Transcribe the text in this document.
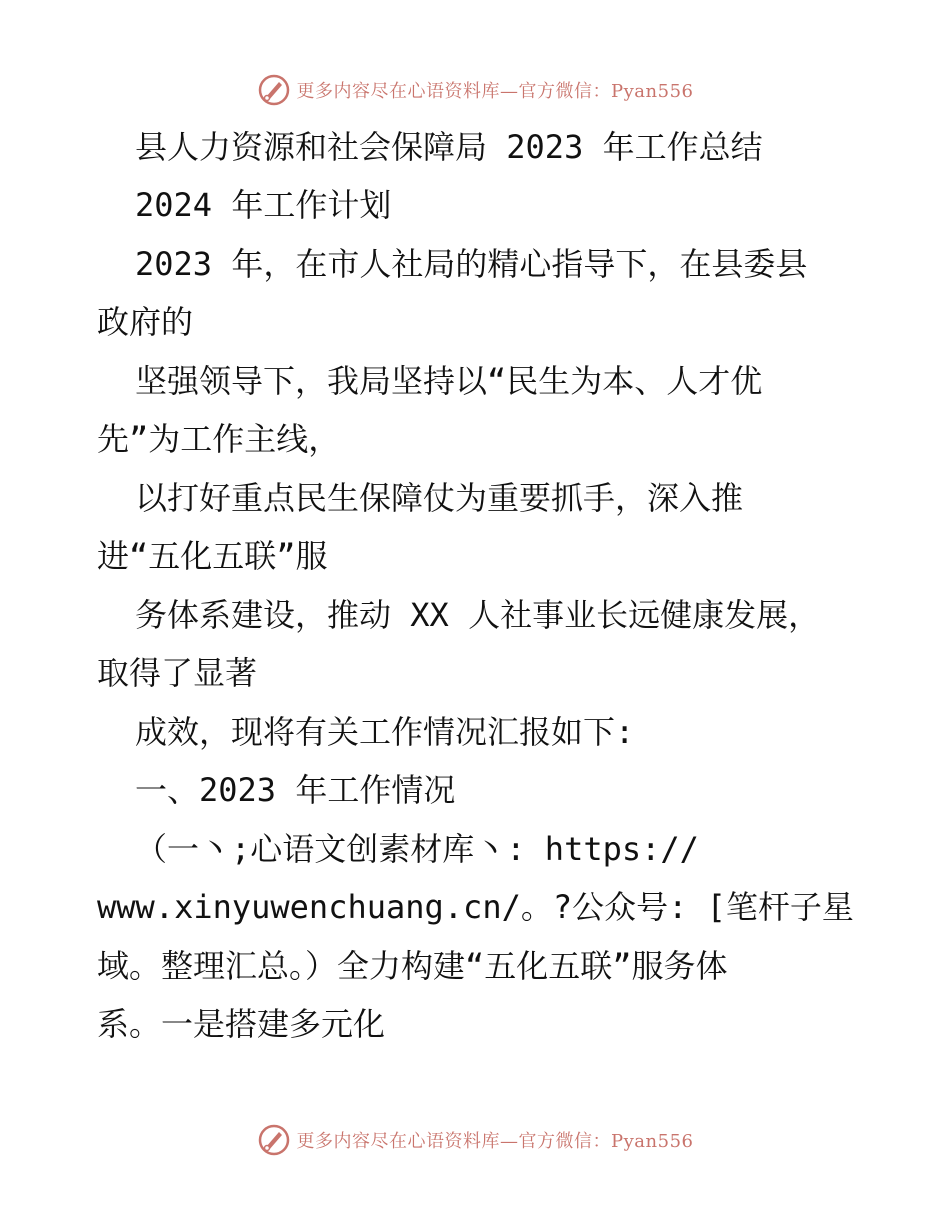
更多内容尽在心语资料库—官方微信：Pyan556
县人力资源和社会保障局 2023 年工作总结
2024 年工作计划
2023 年，在市人社局的精心指导下，在县委县
政府的
坚强领导下，我局坚持以“民生为本、人才优
先”为工作主线，
以打好重点民生保障仗为重要抓手，深入推
进“五化五联”服
务体系建设，推动 XX 人社事业长远健康发展，
取得了显著
成效，现将有关工作情况汇报如下:
一、2023 年工作情况
（一丶;心语文创素材库丶: https://
www.xinyuwenchuang.cn/。?公众号: [笔杆子星
域。整理汇总。）全力构建“五化五联”服务体
系。一是搭建多元化
更多内容尽在心语资料库—官方微信：Pyan556
